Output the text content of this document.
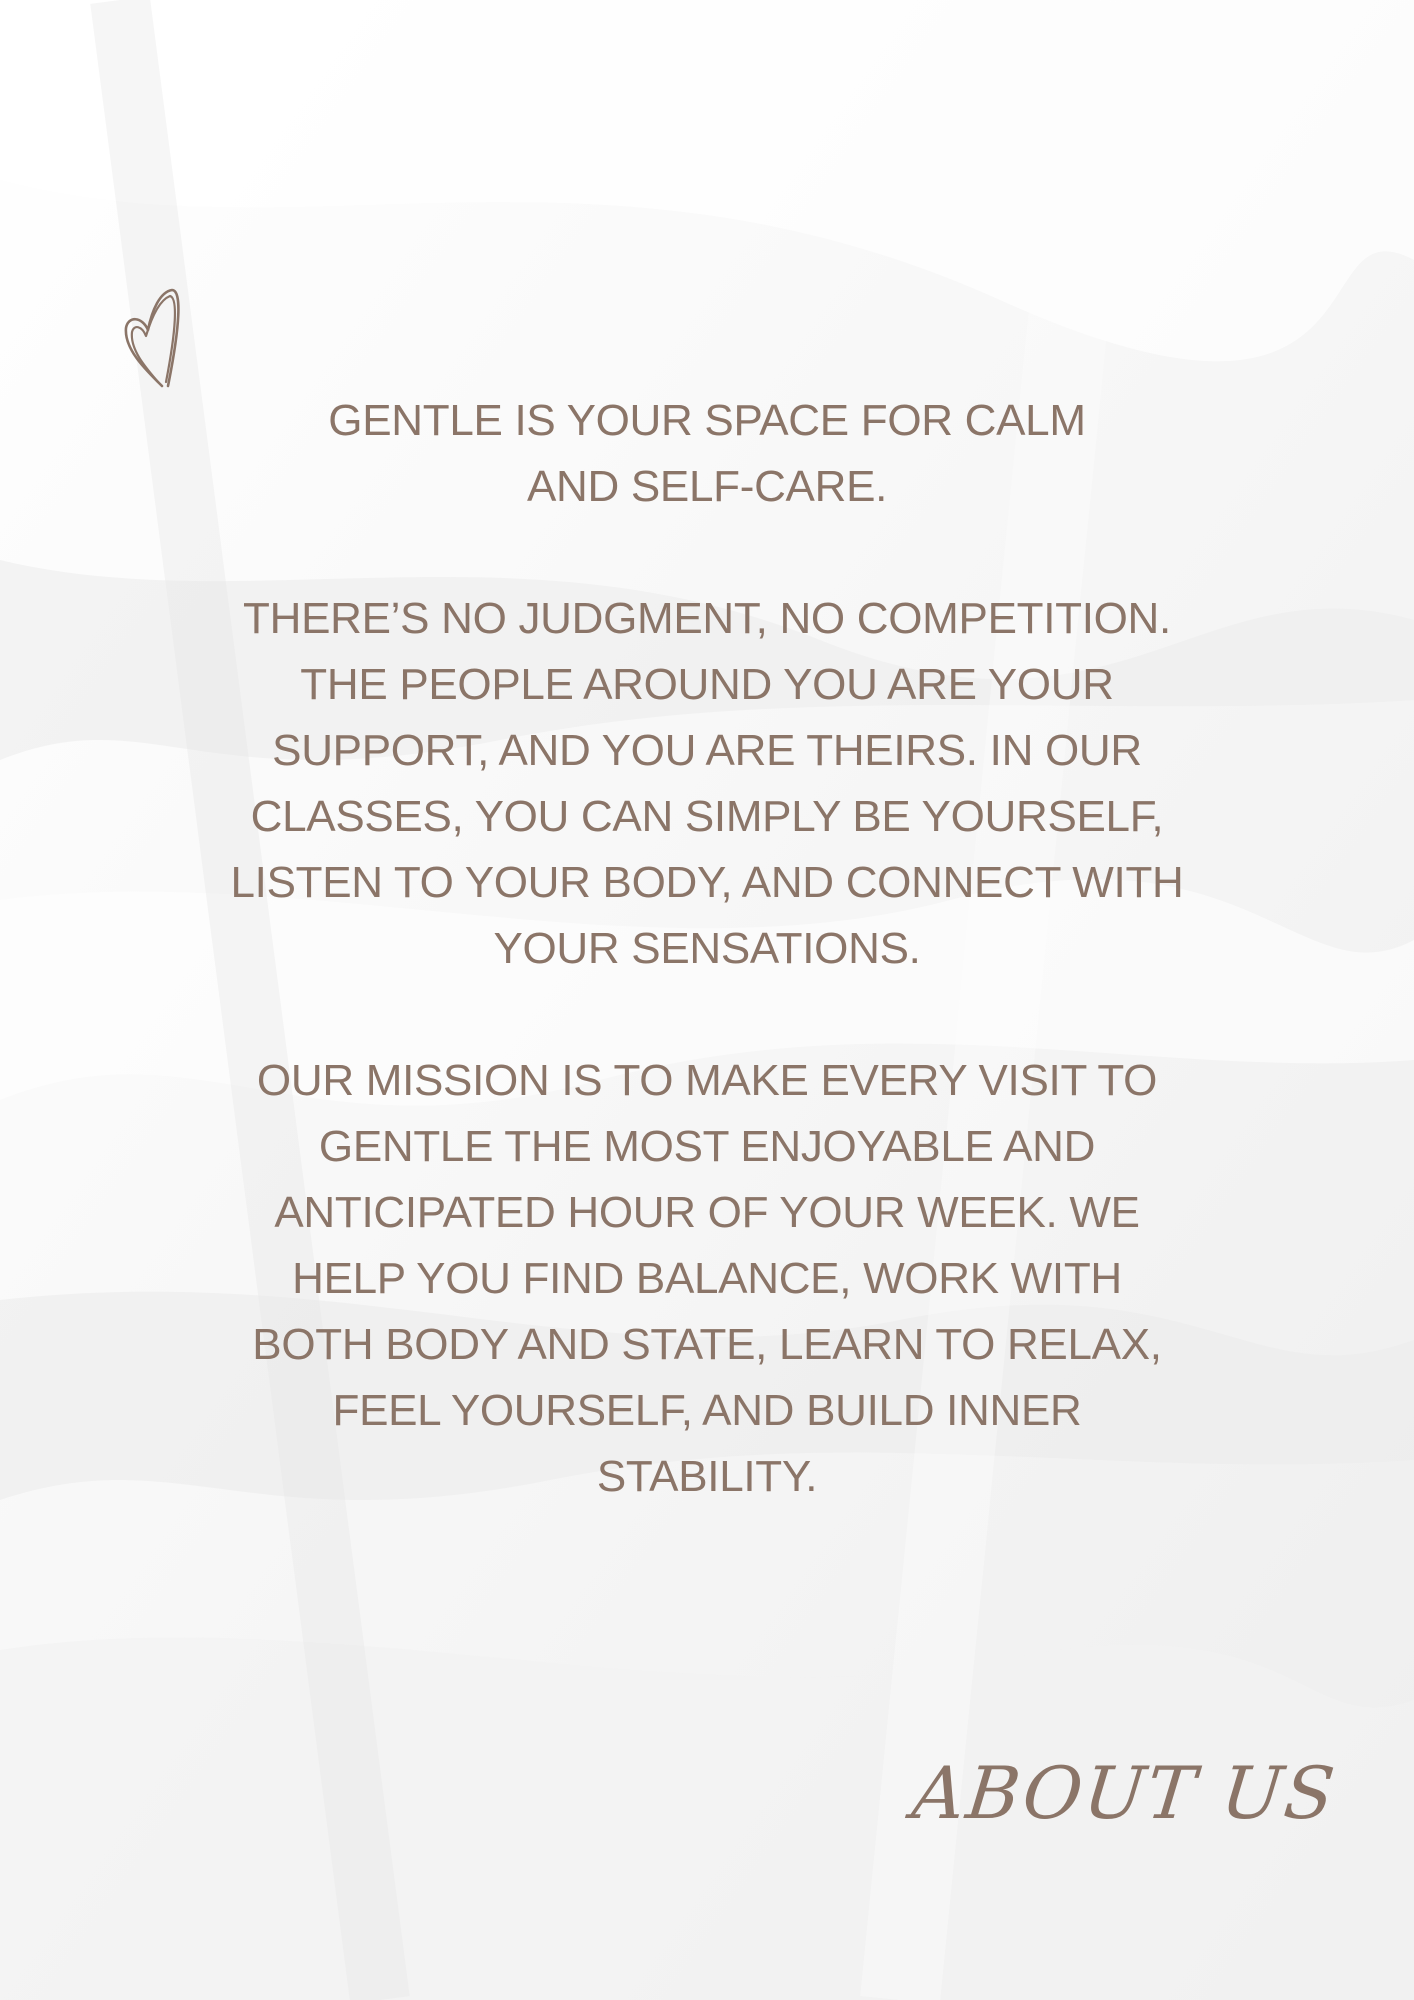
GENTLE IS YOUR SPACE FOR CALM AND SELF-CARE.

THERE’S NO JUDGMENT, NO COMPETITION. THE PEOPLE AROUND YOU ARE YOUR SUPPORT, AND YOU ARE THEIRS. IN OUR CLASSES, YOU CAN SIMPLY BE YOURSELF, LISTEN TO YOUR BODY, AND CONNECT WITH YOUR SENSATIONS.

OUR MISSION IS TO MAKE EVERY VISIT TO GENTLE THE MOST ENJOYABLE AND ANTICIPATED HOUR OF YOUR WEEK. WE HELP YOU FIND BALANCE, WORK WITH BOTH BODY AND STATE, LEARN TO RELAX, FEEL YOURSELF, AND BUILD INNER STABILITY.

ABOUT US
